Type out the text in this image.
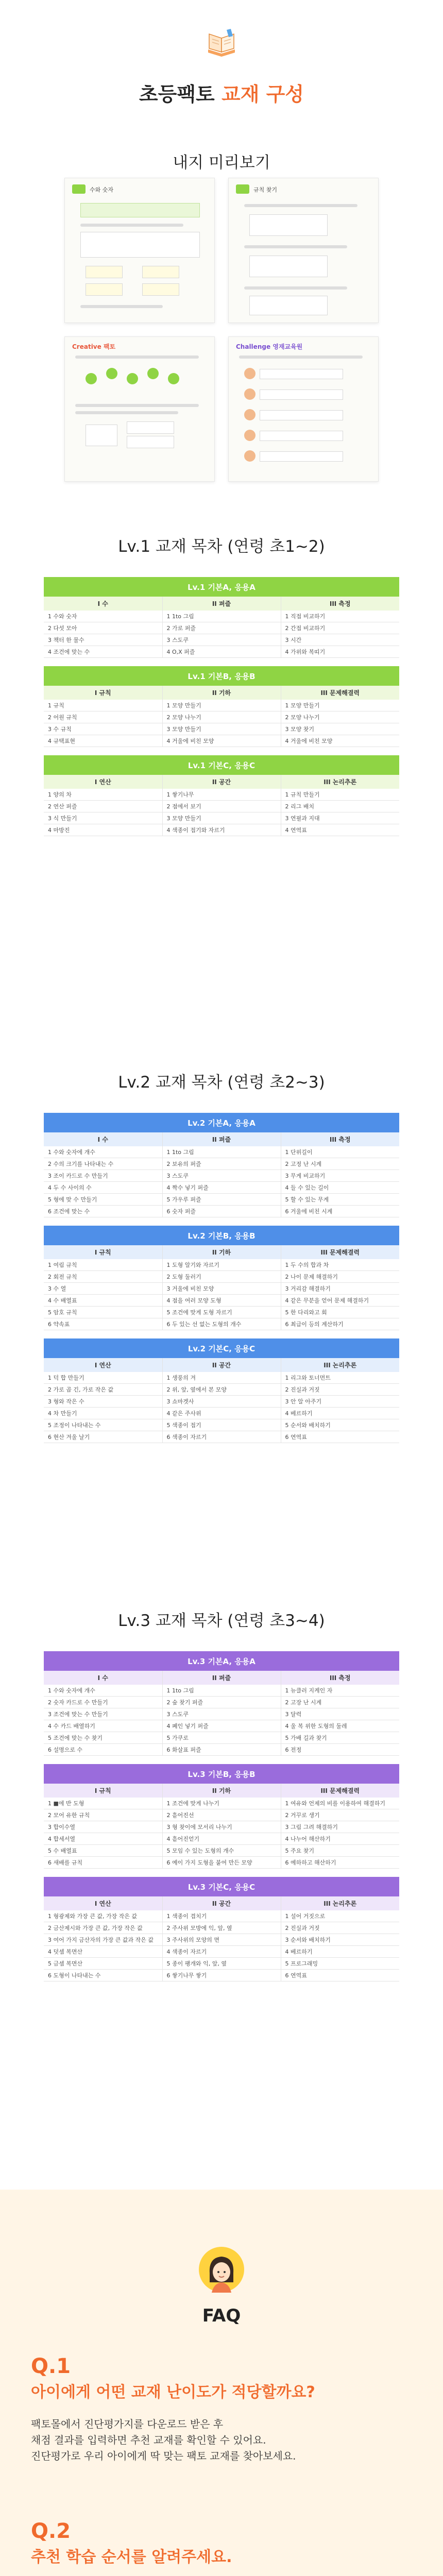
초등팩토 교재 구성
내지 미리보기
수와 숫자	규칙 찾기
Creative 팩토	Challenge 영재교육원
Lv.1 교재 목차 (연령 초1~2)
Lv.1 기본A, 응용A		
I 수	II 퍼즐	III 측정
1 수와 숫자	1 1to 그림	1 직접 비교하기
2 다섯 모아	2 가로 퍼즐	2 간접 비교하기
3 책터 한 물수	3 스도쿠	3 시간
4 조건에 맞는 수	4 O,X 퍼즐	4 가위와 복띠기
Lv.1 기본B, 응용B		
I 규칙	II 기하	III 문제해결력
1 규칙	1 모양 만들기	1 모양 만들기
2 어원 규칙	2 모양 나누기	2 모양 나누기
3 수 규칙	3 모양 만들기	3 모양 찾기
4 규택표현	4 거울에 비친 모양	4 거울에 비친 모양
Lv.1 기본C, 응용C		
I 연산	II 공간	III 논리추론
1 양의 차	1 쌓기나무	1 규칙 만들기
2 연산 퍼즐	2 점에서 보기	2 리그 배치
3 식 만들기	3 모양 만들기	3 연필과 지대
4 마방진	4 색종이 접기와 자르기	4 연역표
Lv.2 교재 목차 (연령 초2~3)
Lv.2 기본A, 응용A		
I 수	II 퍼즐	III 측정
1 수와 숫자에 개수	1 1to 그림	1 단위길이
2 수의 크기를 나타내는 수	2 보유의 퍼즐	2 고정 난 시계
3 조이 카드로 수 만들기	3 스도쿠	3 무게 비교하기
4 두 수 사이의 수	4 짝수 넣기 퍼즐	4 들 수 있는 길이
5 형에 맞 수 만들기	5 가우루 퍼즐	5 할 수 있는 무게
6 조건에 맞는 수	6 숫자 퍼즐	6 거울에 비친 시계
Lv.2 기본B, 응용B		
I 규칙	II 기하	III 문제해결력
1 여림 규칙	1 도형 알기와 자르기	1 두 수의 합과 차
2 회전 규칙	2 도형 둘러기	2 나이 문제 해결하기
3 수 열	3 거울에 비친 모양	3 거리감 해결하기
4 수 배열표	4 점을 여러 모양 도형	4 같은 무분을 얻어 문제 해결하기
5 암호 규칙	5 조건에 맞게 도형 자르기	5 한 다리와고 회
6 약속표	6 두 있는 선 없는 도형의 개수	6 최급이 등의 계산하기
Lv.2 기본C, 응용C		
I 연산	II 공간	III 논리추론
1 덕 합 만들기	1 생풍의 겨	1 리그와 토너먼트
2 가로 곱 긴, 가로 작은 값	2 위, 앞, 옆에서 본 모양	2 진실과 거짓
3 형와 작은 수	3 쇼마겟사	3 안 알 아주기
4 차 만들기	4 같은 주사위	4 베르하기
5 조정이 나타내는 수	5 색종이 접기	5 순서와 배치하기
6 현산 겨울 날기	6 색종이 자르기	6 연역표
Lv.3 교재 목차 (연령 초3~4)
Lv.3 기본A, 응용A		
I 수	II 퍼즐	III 측정
1 수와 숫자에 개수	1 1to 그림	1 뉴클러 지케인 자
2 숫자 카드로 수 만들기	2 숲 찾기 퍼즐	2 고장 난 시계
3 조건에 맞는 수 만들기	3 스도쿠	3 달력
4 수 카드 배열하기	4 폐인 넣기 퍼즐	4 울 복 위한 도형의 둘레
5 조건에 맞는 수 찾기	5 가쿠로	5 가배 길과 찾기
6 설명으로 수	6 화살표 퍼즐	6 전정
Lv.3 기본B, 응용B		
I 규칙	II 기하	III 문제해결력
1 ■에 반 도형	1 조건에 맞게 나누기	1 여유와 언제의 비를 이용하여 해결하기
2 모어 유한 규칙	2 흩어진선	2 거꾸로 생기
3 합이수열	3 형 찾이에 모서리 나누기	3 그림 그려 해결하기
4 합세서열	4 흩어진얻기	4 나누어 해산하기
5 수 배열표	5 모임 수 있는 도형의 개수	5 주요 찾기
6 새배를 규칙	6 예이 가지 도형을 붙여 만든 모양	6 예하하고 해산하기
Lv.3 기본C, 응용C		
I 연산	II 공간	III 논리추론
1 형광제와 가장 큰 값, 가장 작은 값	1 색종이 겹치기	1 설어 거짓으로
2 금산제시와 가장 큰 값, 가장 작은 값	2 주사위 모방에 익, 앞, 옆	2 진실과 거짓
3 여어 가지 금산자의 가장 큰 값과 작은 값	3 주사위의 모양의 면	3 순서와 배치하기
4 덧셈 복면산	4 색종이 자르기	4 베르하기
5 금셈 복면산	5 종이 팽개와 익, 앞, 옆	5 프로그래밍
6 도형이 나타내는 수	6 쌓기나무 쌓기	6 연역표
FAQ
Q.1
아이에게 어떤 교재 난이도가 적당할까요?
팩토몰에서 진단평가지를 다운로드 받은 후
채점 결과를 입력하면 추천 교재를 확인할 수 있어요.
진단평가로 우리 아이에게 딱 맞는 팩토 교재를 찾아보세요.
Q.2
추천 학습 순서를 알려주세요.
